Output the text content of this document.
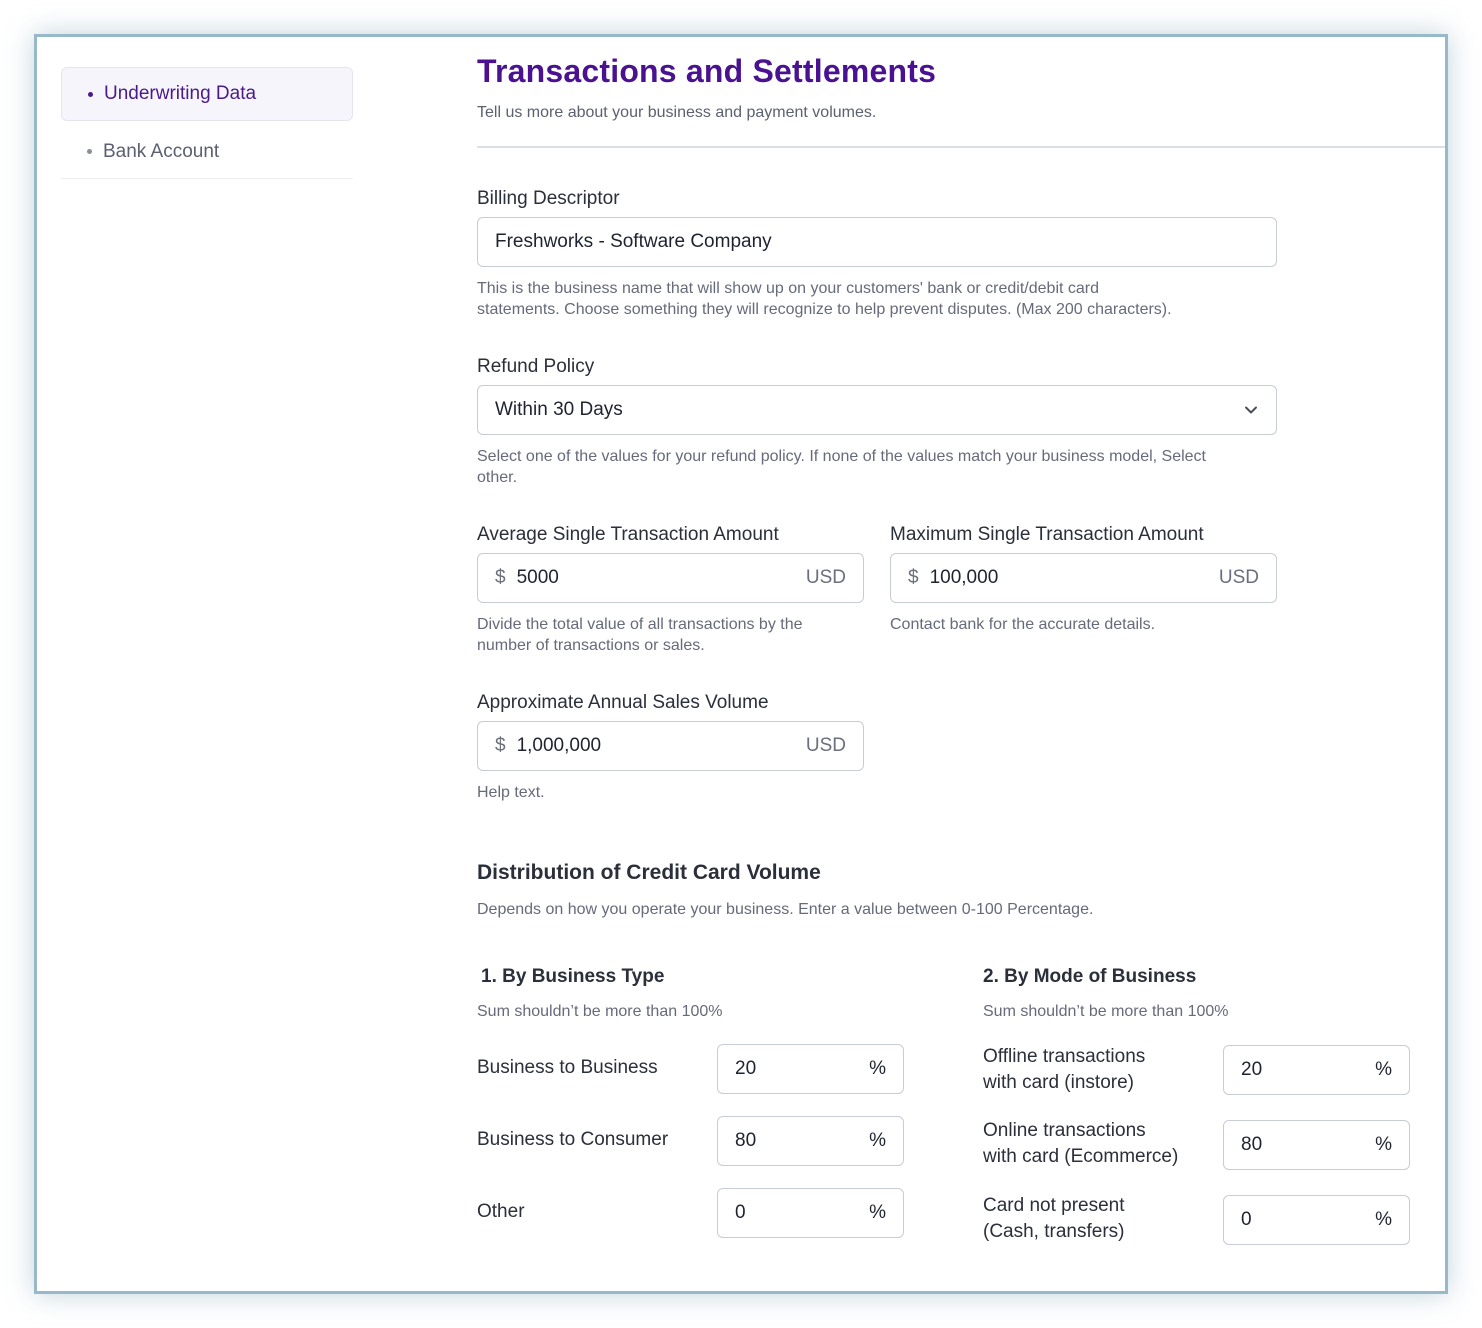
Underwriting Data
Bank Account
Transactions and Settlements
Tell us more about your business and payment volumes.
Billing Descriptor
Freshworks - Software Company
This is the business name that will show up on your customers' bank or credit/debit card
statements. Choose something they will recognize to help prevent disputes. (Max 200 characters).
Refund Policy
Within 30 Days
Select one of the values for your refund policy. If none of the values match your business model, Select
other.
Average Single Transaction Amount
$ 5000	USD
Divide the total value of all transactions by the
number of transactions or sales.
Maximum Single Transaction Amount
$ 100,000	USD
Contact bank for the accurate details.
Approximate Annual Sales Volume
$ 1,000,000	USD
Help text.
Distribution of Credit Card Volume
Depends on how you operate your business. Enter a value between 0-100 Percentage.
1. By Business Type
Sum shouldn’t be more than 100%
Business to Business	20	%
Business to Consumer	80	%
Other	0	%
2. By Mode of Business
Sum shouldn’t be more than 100%
Offline transactions
with card (instore)
20	%
Online transactions
with card (Ecommerce)
80	%
Card not present
(Cash, transfers)
0	%
